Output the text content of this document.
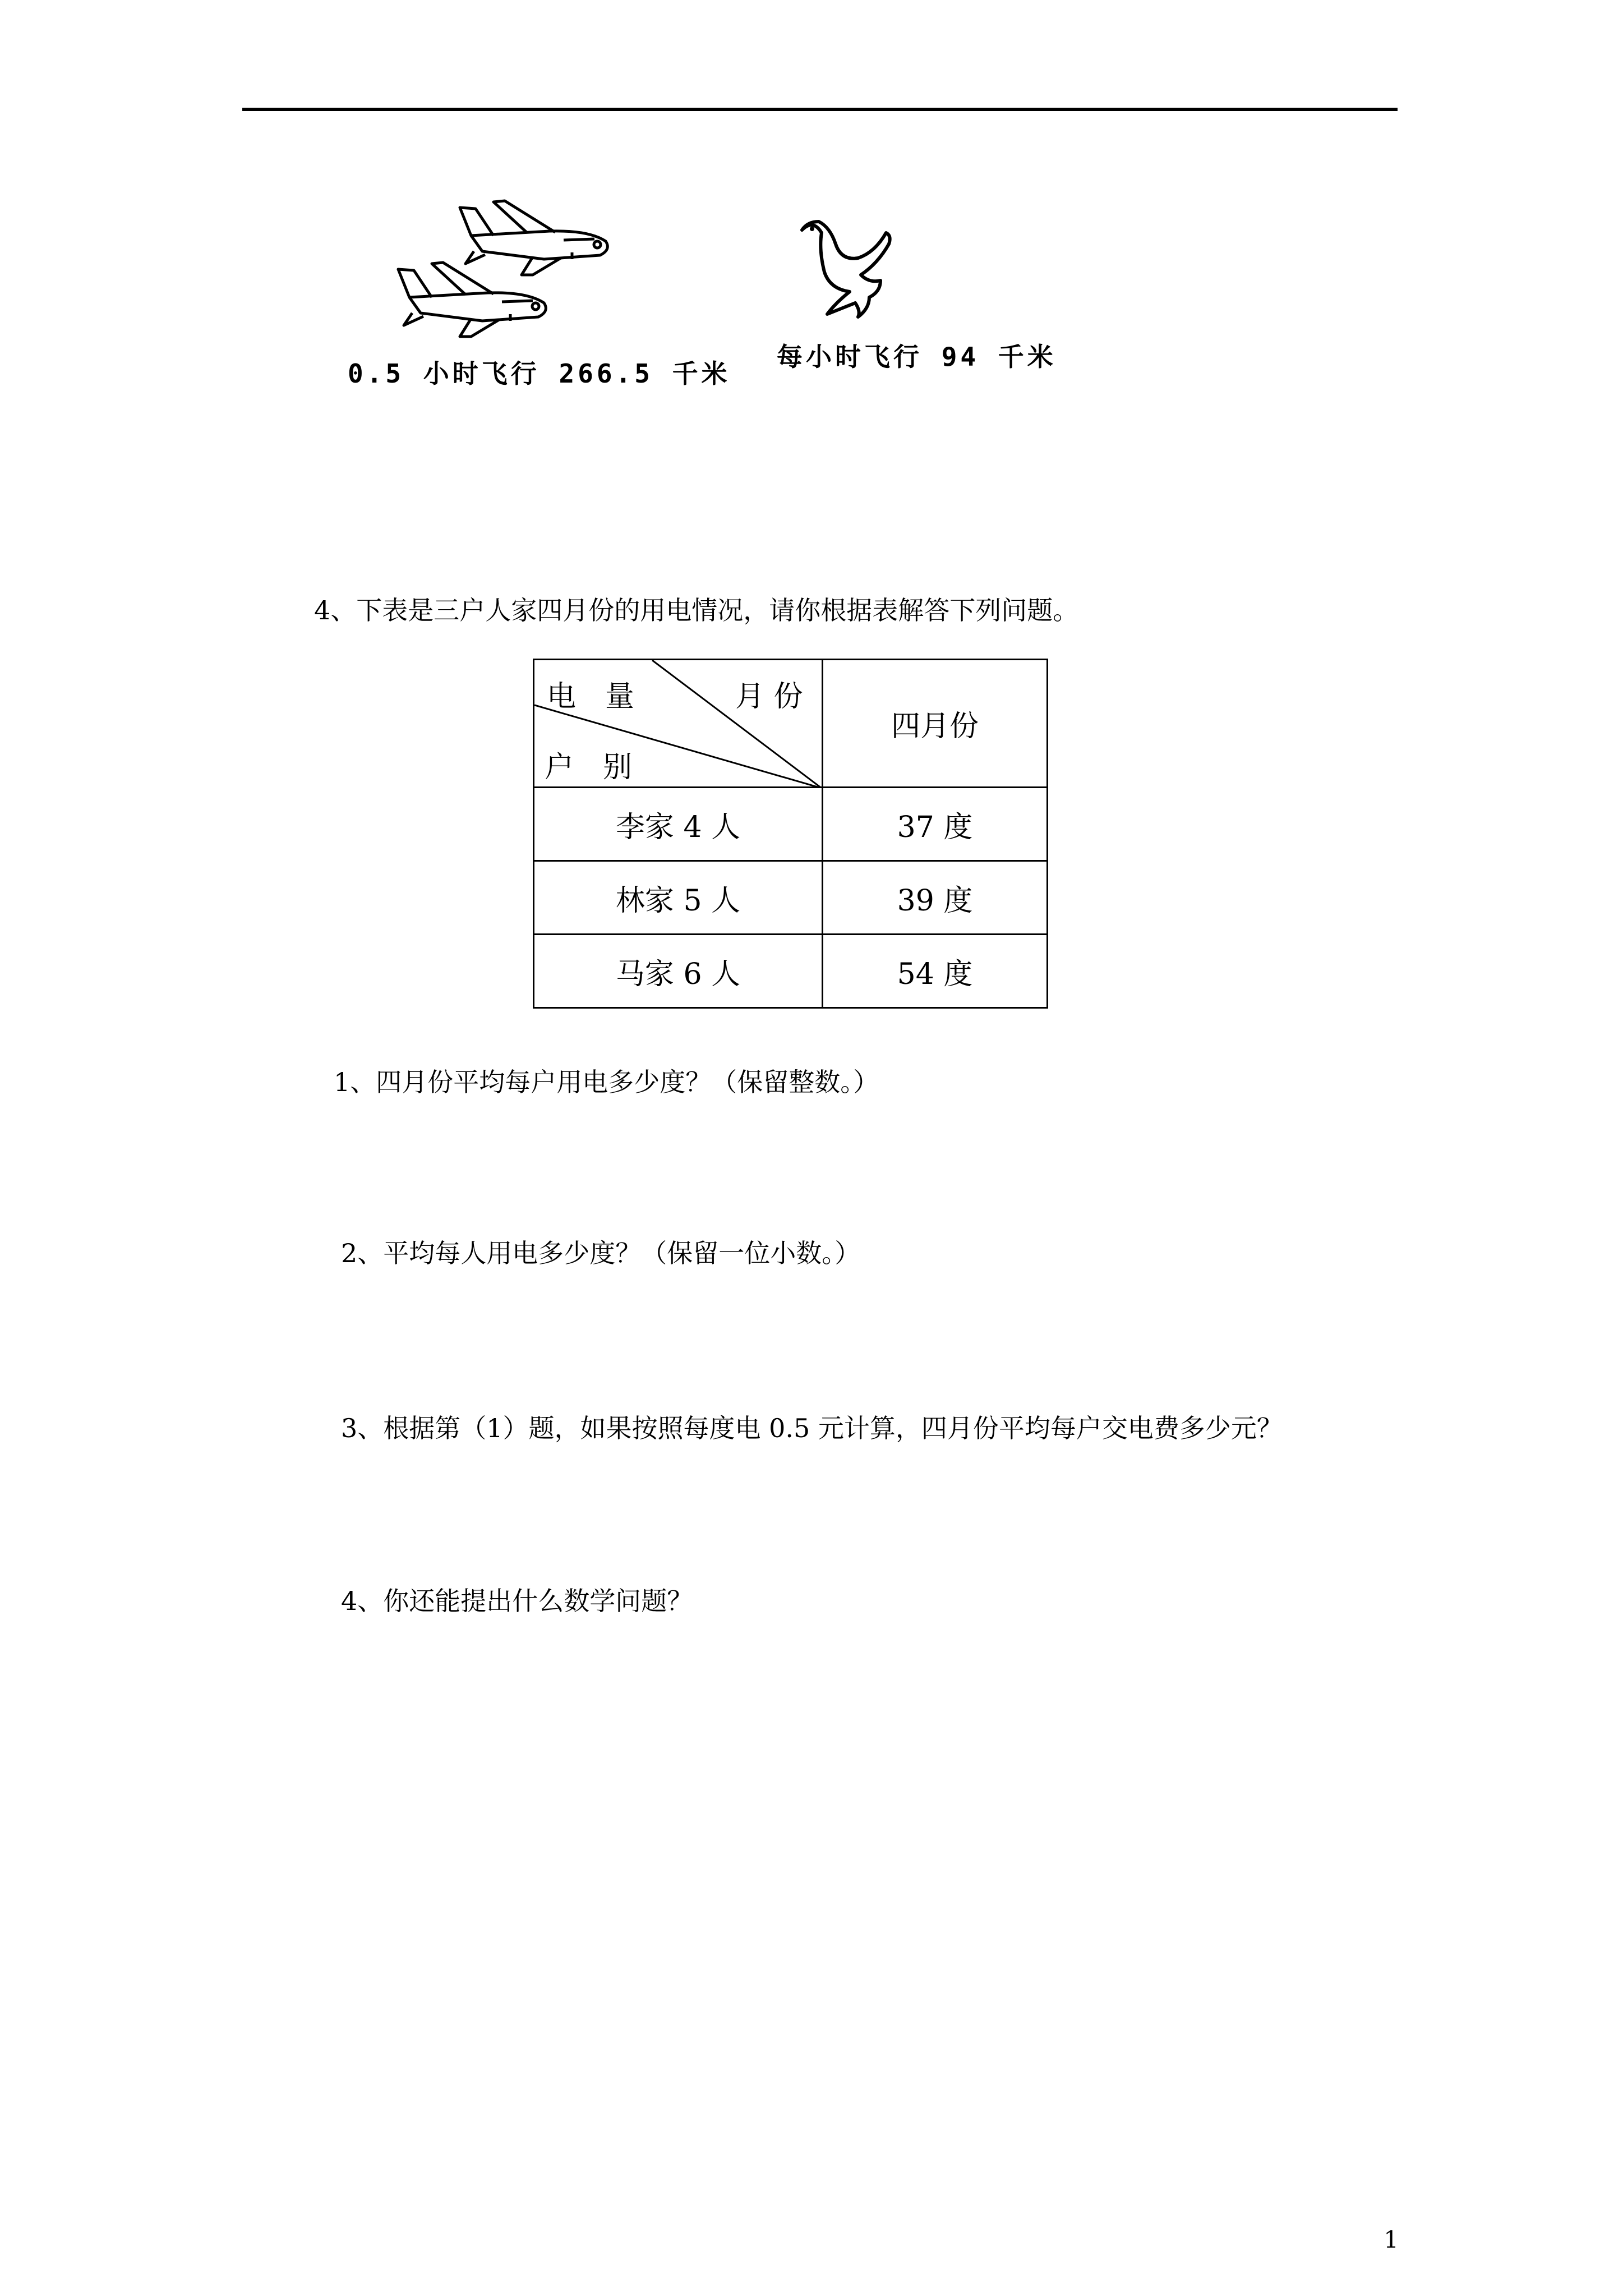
0.5 小时飞行 266.5 千米
每小时飞行 94 千米
4、下表是三户人家四月份的用电情况，请你根据表解答下列问题。
电　量 月 份
户　别	四月份
李家 4 人	37 度
林家 5 人	39 度
马家 6 人	54 度
1、四月份平均每户用电多少度？（保留整数。）
2、平均每人用电多少度？（保留一位小数。）
3、根据第（1）题，如果按照每度电 0.5 元计算，四月份平均每户交电费多少元？
4、你还能提出什么数学问题？
1
